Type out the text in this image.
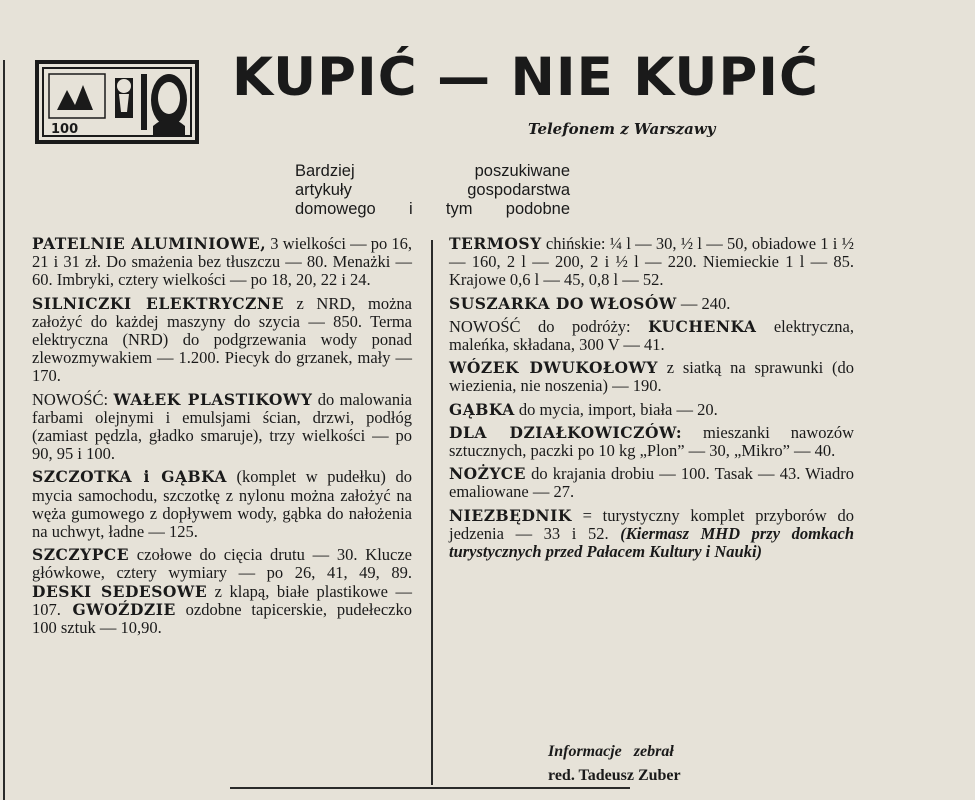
100
KUPIĆ — NIE KUPIĆ
Telefonem z Warszawy
Bardziej poszukiwane
artykuły gospodarstwa
domowego i tym podobne

PATELNIE ALUMINIOWE, 3 wielkości — po 16, 21 i 31 zł. Do smażenia bez tłuszczu — 80. Menażki — 60. Imbryki, cztery wielkości — po 18, 20, 22 i 24.

SILNICZKI ELEKTRYCZNE z NRD, można założyć do każdej maszyny do szycia — 850. Terma elektryczna (NRD) do podgrzewania wody ponad zlewozmywakiem — 1.200. Piecyk do grzanek, mały — 170.

NOWOŚĆ: WAŁEK PLASTIKOWY do malowania farbami olejnymi i emulsjami ścian, drzwi, podłóg (zamiast pędzla, gładko smaruje), trzy wielkości — po 90, 95 i 100.

SZCZOTKA i GĄBKA (komplet w pudełku) do mycia samochodu, szczotkę z nylonu można założyć na węża gumowego z dopływem wody, gąbka do nałożenia na uchwyt, ładne — 125.

SZCZYPCE czołowe do cięcia drutu — 30. Klucze główkowe, cztery wymiary — po 26, 41, 49, 89. DESKI SEDESOWE z klapą, białe plastikowe — 107. GWOŹDZIE ozdobne tapicerskie, pudełeczko 100 sztuk — 10,90.

TERMOSY chińskie: ¼ l — 30, ½ l — 50, obiadowe 1 i ½ — 160, 2 l — 200, 2 i ½ l — 220. Niemieckie 1 l — 85. Krajowe 0,6 l — 45, 0,8 l — 52.

SUSZARKA DO WŁOSÓW — 240.

NOWOŚĆ do podróży: KUCHENKA elektryczna, maleńka, składana, 300 V — 41.

WÓZEK DWUKOŁOWY z siatką na sprawunki (do wiezienia, nie noszenia) — 190.

GĄBKA do mycia, import, biała — 20.

DLA DZIAŁKOWICZÓW: mieszanki nawozów sztucznych, paczki po 10 kg „Plon” — 30, „Mikro” — 40.

NOŻYCE do krajania drobiu — 100. Tasak — 43. Wiadro emaliowane — 27.

NIEZBĘDNIK = turystyczny komplet przyborów do jedzenia — 33 i 52. (Kiermasz MHD przy domkach turystycznych przed Pałacem Kultury i Nauki)

Informacje zebrał
red. Tadeusz Zuber
